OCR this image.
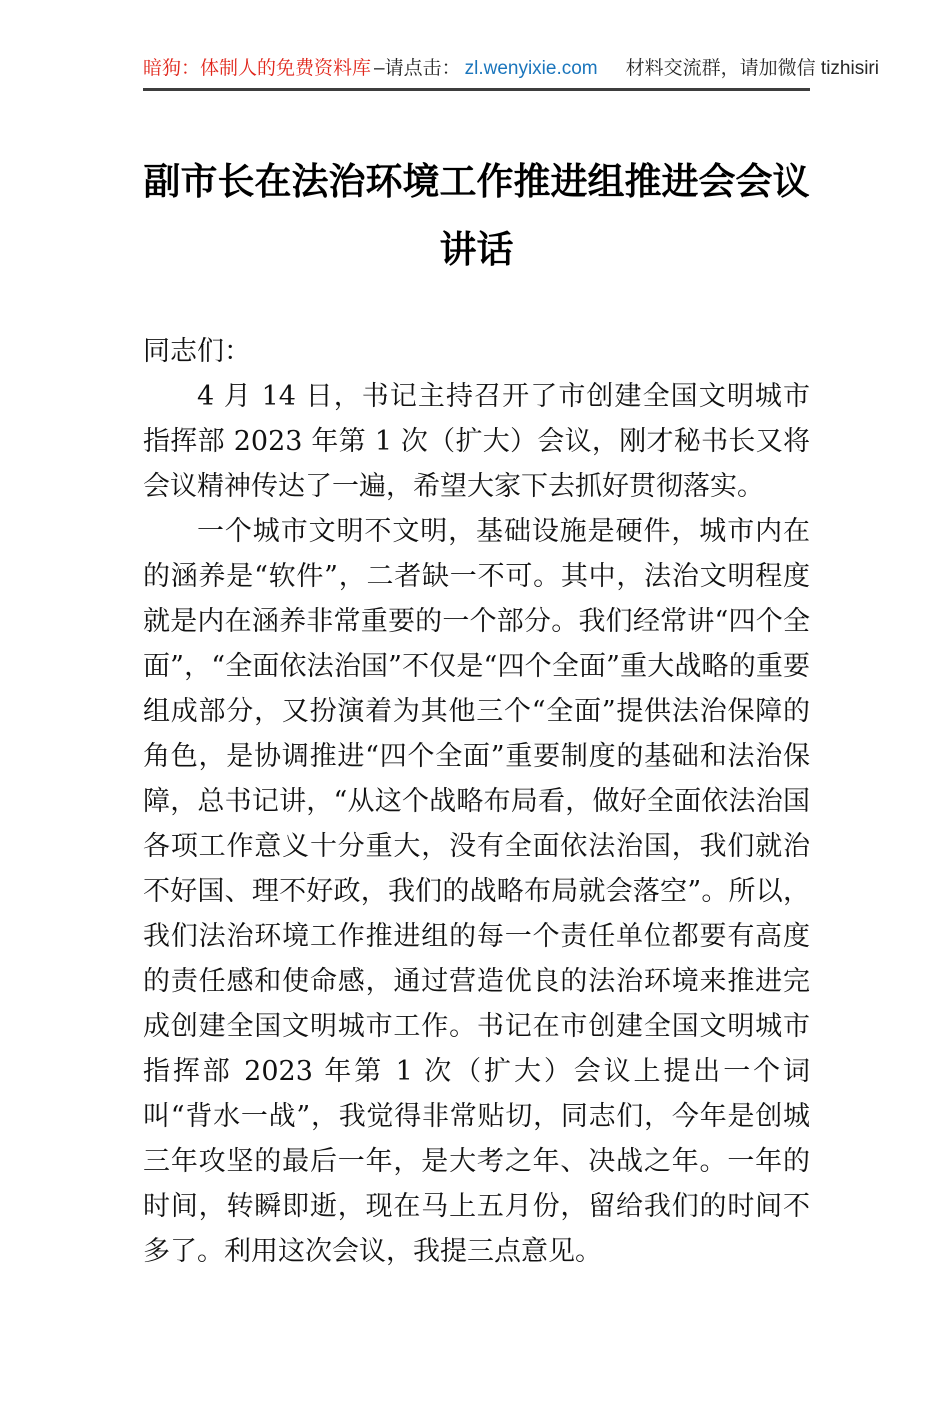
暗狗：体制人的免费资料库 –请点击： zl.wenyixie.com 材料交流群，请加微信 tizhisiri
副市长在法治环境工作推进组推进会会议
讲话

同志们：

4 月 14 日，书记主持召开了市创建全国文明城市指挥部 2023 年第 1 次（扩大）会议，刚才秘书长又将会议精神传达了一遍，希望大家下去抓好贯彻落实。

一个城市文明不文明，基础设施是硬件，城市内在的涵养是“软件”，二者缺一不可。其中，法治文明程度就是内在涵养非常重要的一个部分。我们经常讲“四个全面”，“全面依法治国”不仅是“四个全面”重大战略的重要组成部分，又扮演着为其他三个“全面”提供法治保障的角色，是协调推进“四个全面”重要制度的基础和法治保障，总书记讲，“从这个战略布局看，做好全面依法治国各项工作意义十分重大，没有全面依法治国，我们就治不好国、理不好政，我们的战略布局就会落空”。所以，我们法治环境工作推进组的每一个责任单位都要有高度的责任感和使命感，通过营造优良的法治环境来推进完成创建全国文明城市工作。书记在市创建全国文明城市指挥部 2023 年第 1 次（扩大）会议上提出一个词叫“背水一战”，我觉得非常贴切，同志们，今年是创城三年攻坚的最后一年，是大考之年、决战之年。一年的时间，转瞬即逝，现在马上五月份，留给我们的时间不多了。利用这次会议，我提三点意见。
